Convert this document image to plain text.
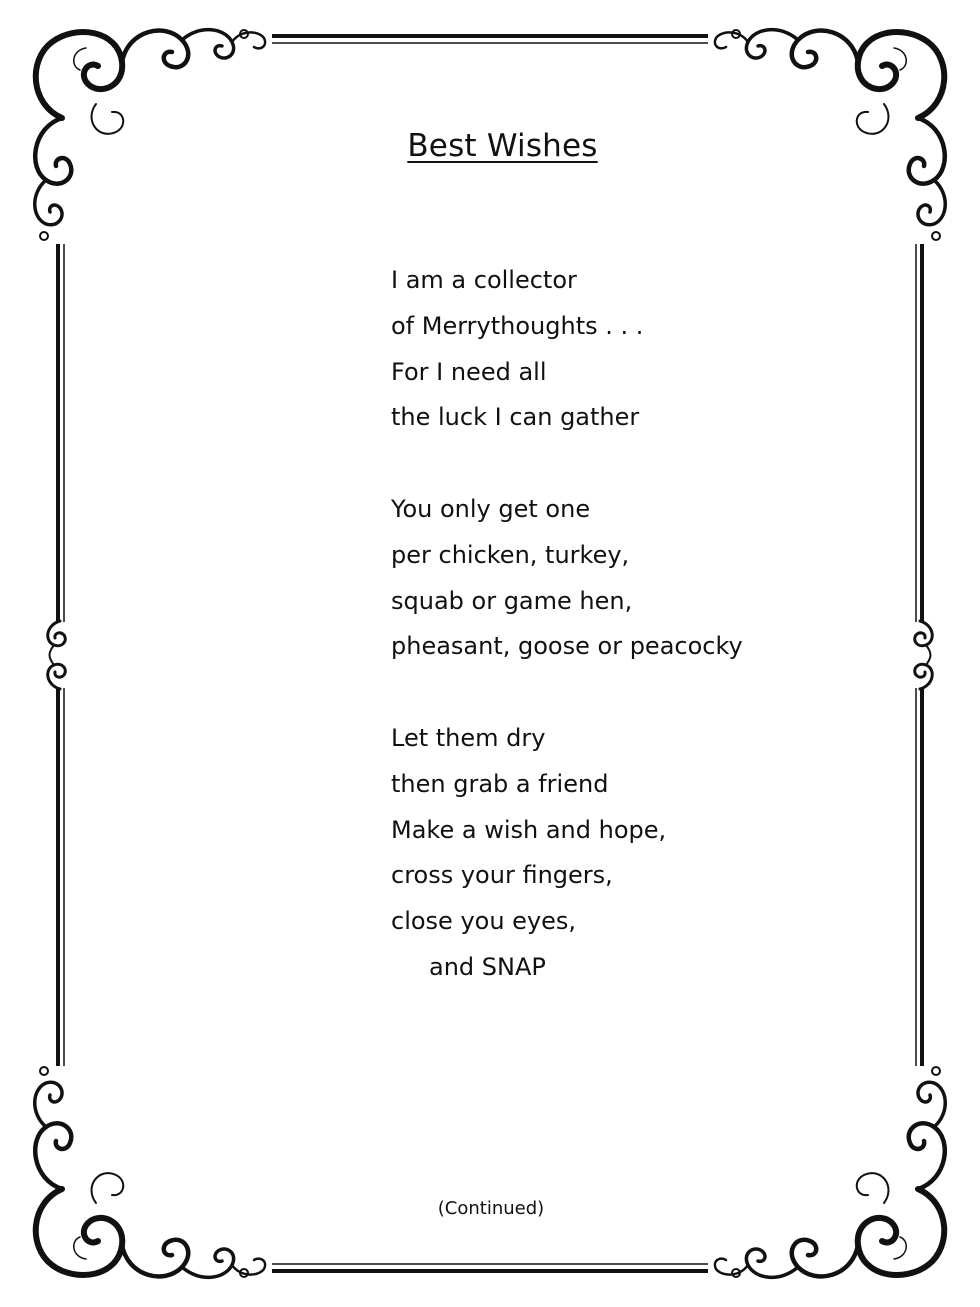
Best Wishes
I am a collector
of Merrythoughts . . .
For I need all
the luck I can gather
You only get one
per chicken, turkey,
squab or game hen,
pheasant, goose or peacocky
Let them dry
then grab a friend
Make a wish and hope,
cross your fingers,
close you eyes,
and SNAP
(Continued)
